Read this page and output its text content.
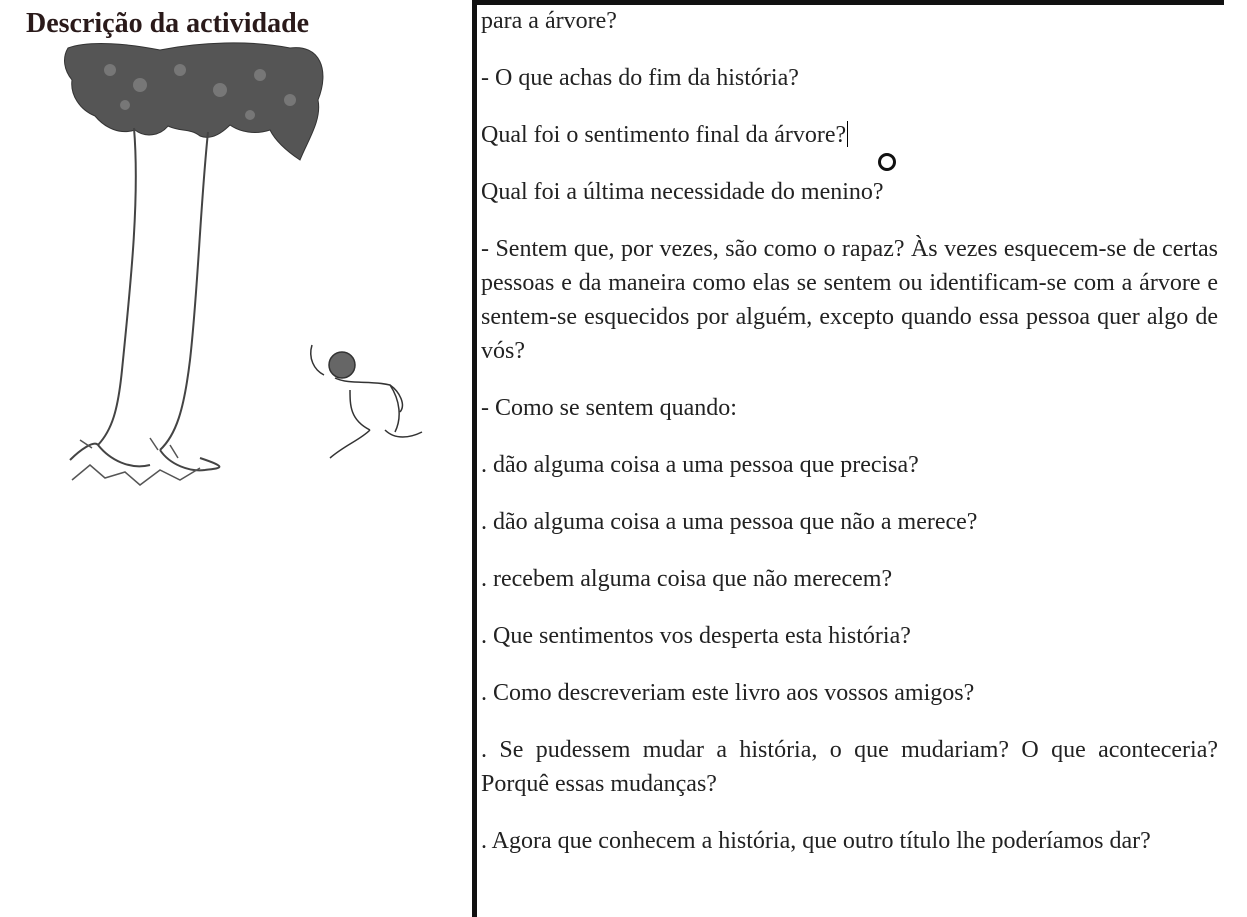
Descrição da actividade	para a árvore?

- O que achas do fim da história?

Qual foi o sentimento final da árvore?

Qual foi a última necessidade do menino?

- Sentem que, por vezes, são como o rapaz? Às vezes esquecem-se de certas pessoas e da maneira como elas se sentem ou identificam-se com a árvore e sentem-se esquecidos por alguém, excepto quando essa pessoa quer algo de vós?

- Como se sentem quando:

. dão alguma coisa a uma pessoa que precisa?

. dão alguma coisa a uma pessoa que não a merece?

. recebem alguma coisa que não merecem?

. Que sentimentos vos desperta esta história?

. Como descreveriam este livro aos vossos amigos?

. Se pudessem mudar a história, o que mudariam? O que aconteceria? Porquê essas mudanças?

. Agora que conhecem a história, que outro título lhe poderíamos dar?
